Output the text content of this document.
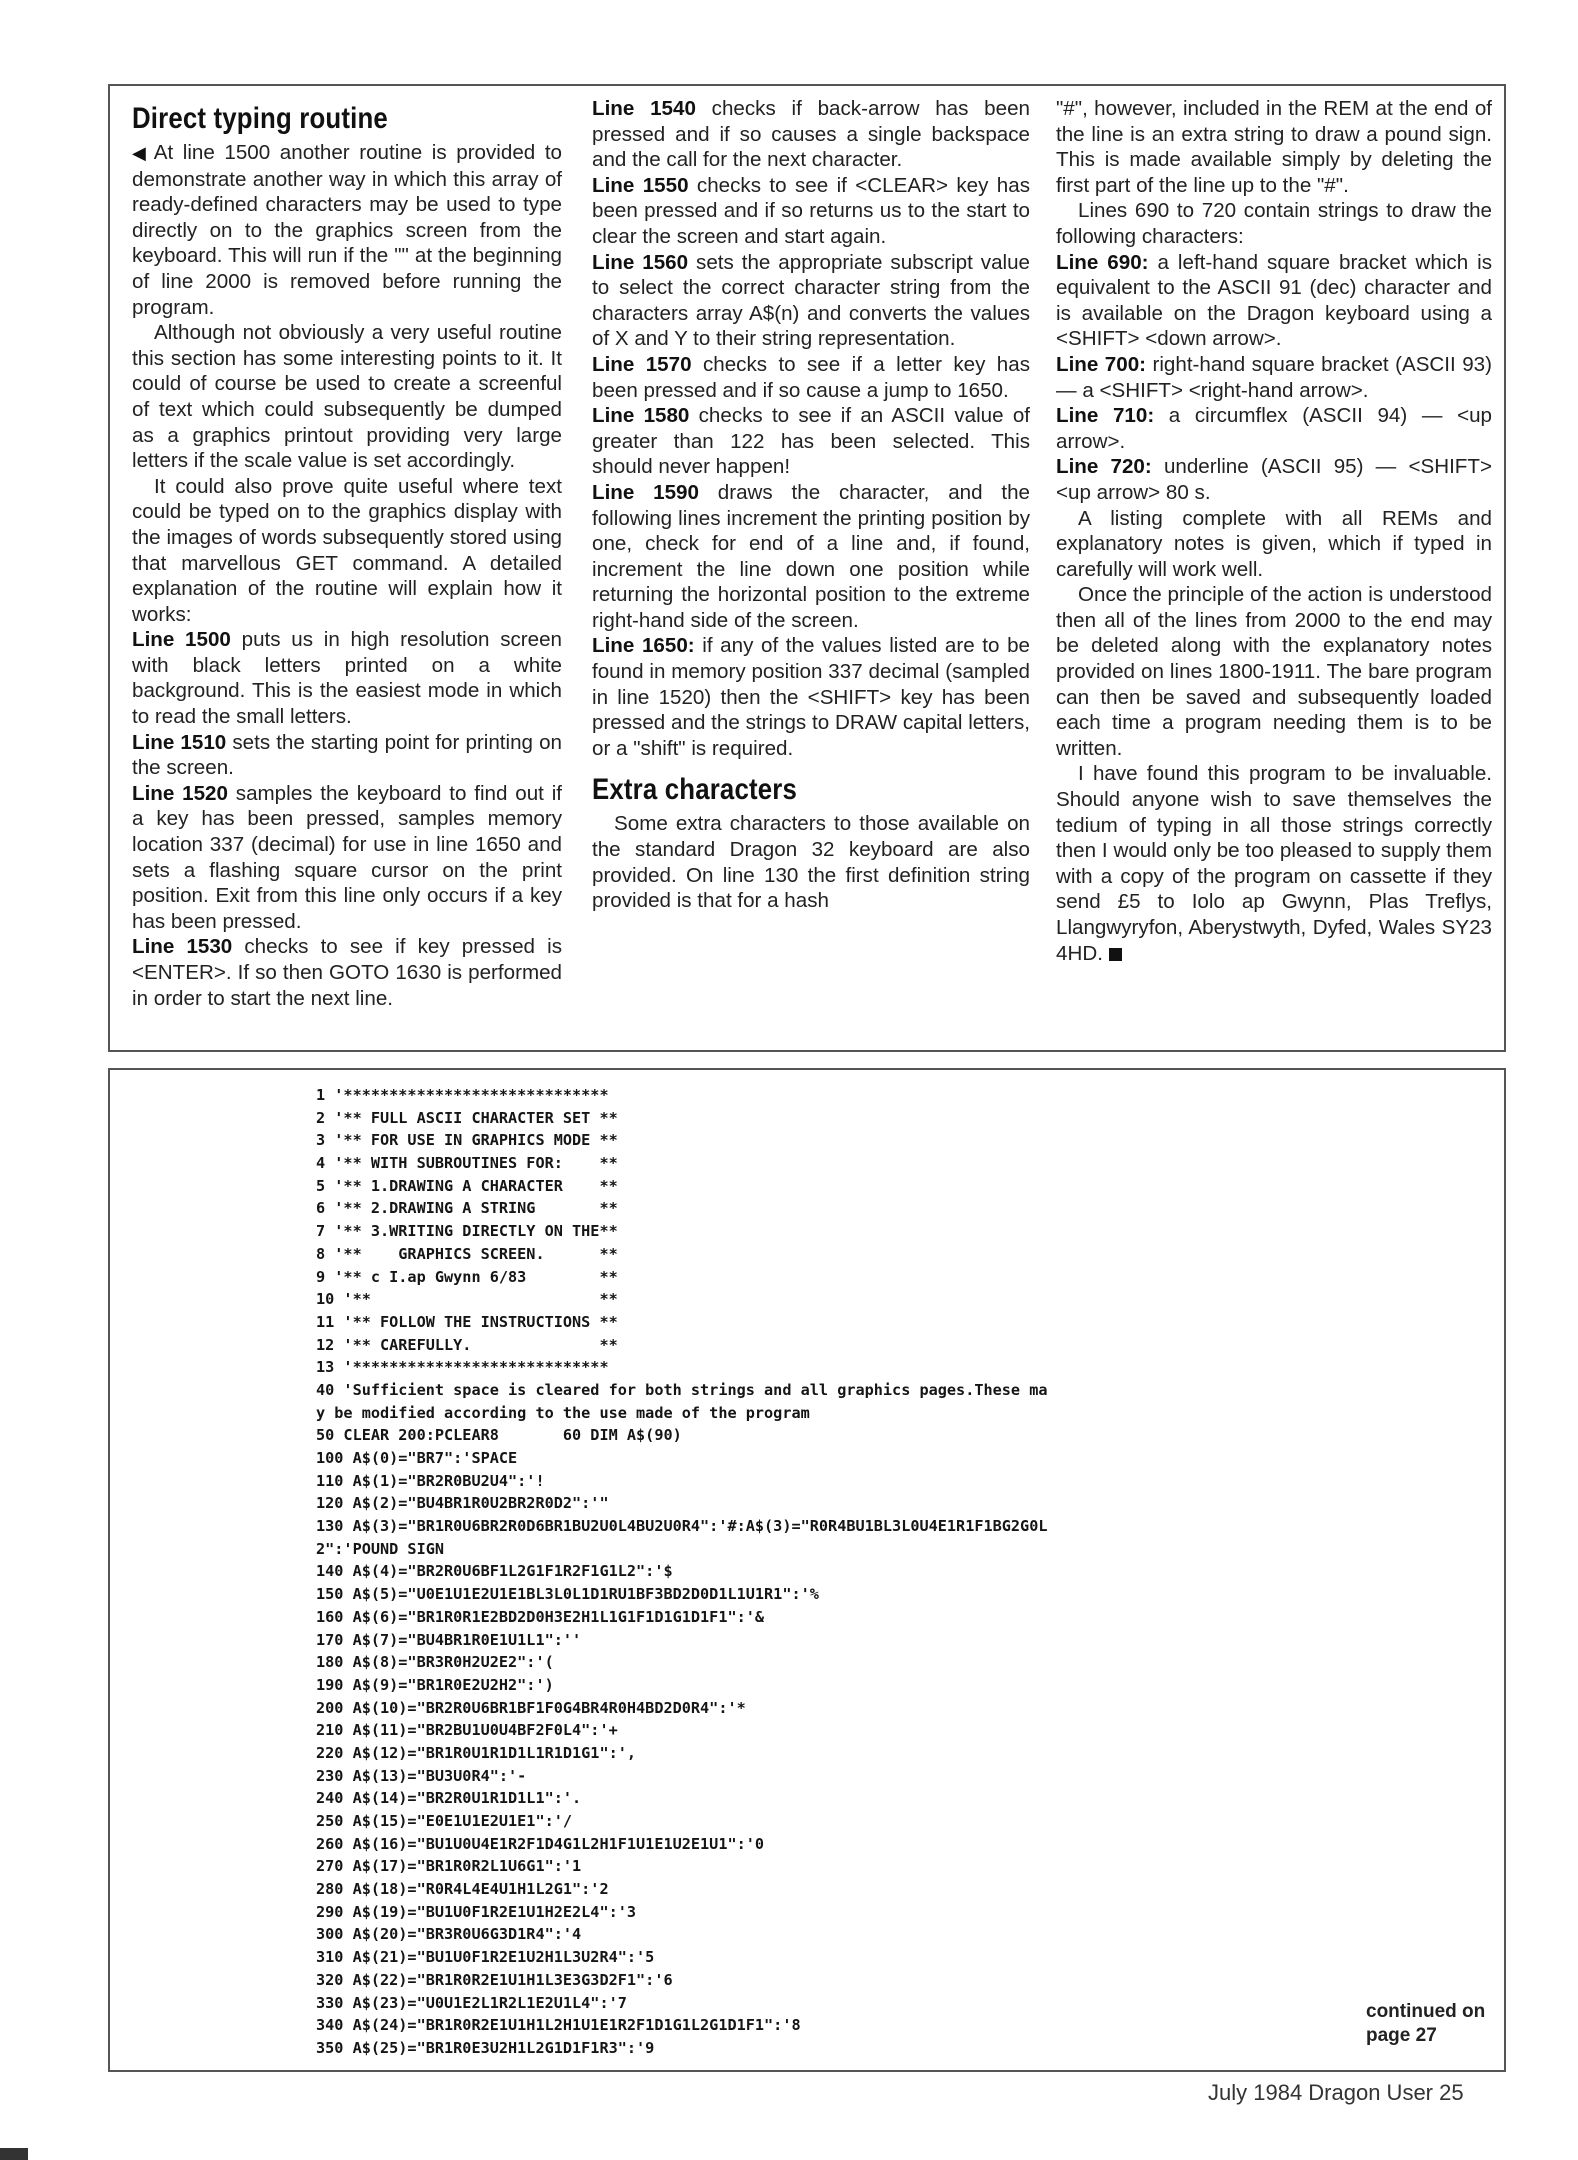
Direct typing routine

◀ At line 1500 another routine is provided to demonstrate another way in which this array of ready-defined characters may be used to type directly on to the graphics screen from the keyboard. This will run if the "" at the beginning of line 2000 is removed before running the program.

Although not obviously a very useful routine this section has some interesting points to it. It could of course be used to create a screenful of text which could subsequently be dumped as a graphics printout providing very large letters if the scale value is set accordingly.

It could also prove quite useful where text could be typed on to the graphics display with the images of words subsequently stored using that marvellous GET command. A detailed explanation of the routine will explain how it works:

Line 1500 puts us in high resolution screen with black letters printed on a white background. This is the easiest mode in which to read the small letters.

Line 1510 sets the starting point for printing on the screen.

Line 1520 samples the keyboard to find out if a key has been pressed, samples memory location 337 (decimal) for use in line 1650 and sets a flashing square cursor on the print position. Exit from this line only occurs if a key has been pressed.

Line 1530 checks to see if key pressed is <ENTER>. If so then GOTO 1630 is performed in order to start the next line.

Line 1540 checks if back-arrow has been pressed and if so causes a single backspace and the call for the next character.

Line 1550 checks to see if <CLEAR> key has been pressed and if so returns us to the start to clear the screen and start again.

Line 1560 sets the appropriate subscript value to select the correct character string from the characters array A$(n) and converts the values of X and Y to their string representation.

Line 1570 checks to see if a letter key has been pressed and if so cause a jump to 1650.

Line 1580 checks to see if an ASCII value of greater than 122 has been selected. This should never happen!

Line 1590 draws the character, and the following lines increment the printing position by one, check for end of a line and, if found, increment the line down one position while returning the horizontal position to the extreme right-hand side of the screen.

Line 1650: if any of the values listed are to be found in memory position 337 decimal (sampled in line 1520) then the <SHIFT> key has been pressed and the strings to DRAW capital letters, or a "shift" is required.

Extra characters

Some extra characters to those available on the standard Dragon 32 keyboard are also provided. On line 130 the first definition string provided is that for a hash

"#", however, included in the REM at the end of the line is an extra string to draw a pound sign. This is made available simply by deleting the first part of the line up to the "#".

Lines 690 to 720 contain strings to draw the following characters:

Line 690: a left-hand square bracket which is equivalent to the ASCII 91 (dec) character and is available on the Dragon keyboard using a <SHIFT> <down arrow>.

Line 700: right-hand square bracket (ASCII 93) — a <SHIFT> <right-hand arrow>.

Line 710: a circumflex (ASCII 94) — <up arrow>.

Line 720: underline (ASCII 95) — <SHIFT> <up arrow> 80 s.

A listing complete with all REMs and explanatory notes is given, which if typed in carefully will work well.

Once the principle of the action is understood then all of the lines from 2000 to the end may be deleted along with the explanatory notes provided on lines 1800-1911. The bare program can then be saved and subsequently loaded each time a program needing them is to be written.

I have found this program to be invaluable. Should anyone wish to save themselves the tedium of typing in all those strings correctly then I would only be too pleased to supply them with a copy of the program on cassette if they send £5 to Iolo ap Gwynn, Plas Treflys, Llangwyryfon, Aberystwyth, Dyfed, Wales SY23 4HD.

1 '*****************************
2 '** FULL ASCII CHARACTER SET **
3 '** FOR USE IN GRAPHICS MODE **
4 '** WITH SUBROUTINES FOR:    **
5 '** 1.DRAWING A CHARACTER    **
6 '** 2.DRAWING A STRING       **
7 '** 3.WRITING DIRECTLY ON THE**
8 '**    GRAPHICS SCREEN.      **
9 '** c I.ap Gwynn 6/83        **
10 '**                         **
11 '** FOLLOW THE INSTRUCTIONS **
12 '** CAREFULLY.              **
13 '****************************
40 'Sufficient space is cleared for both strings and all graphics pages.These ma
y be modified according to the use made of the program
50 CLEAR 200:PCLEAR8       60 DIM A$(90)
100 A$(0)="BR7":'SPACE
110 A$(1)="BR2R0BU2U4":'!
120 A$(2)="BU4BR1R0U2BR2R0D2":'"
130 A$(3)="BR1R0U6BR2R0D6BR1BU2U0L4BU2U0R4":'#:A$(3)="R0R4BU1BL3L0U4E1R1F1BG2G0L
2":'POUND SIGN
140 A$(4)="BR2R0U6BF1L2G1F1R2F1G1L2":'$
150 A$(5)="U0E1U1E2U1E1BL3L0L1D1RU1BF3BD2D0D1L1U1R1":'%
160 A$(6)="BR1R0R1E2BD2D0H3E2H1L1G1F1D1G1D1F1":'&
170 A$(7)="BU4BR1R0E1U1L1":''
180 A$(8)="BR3R0H2U2E2":'(
190 A$(9)="BR1R0E2U2H2":')
200 A$(10)="BR2R0U6BR1BF1F0G4BR4R0H4BD2D0R4":'*
210 A$(11)="BR2BU1U0U4BF2F0L4":'+
220 A$(12)="BR1R0U1R1D1L1R1D1G1":',
230 A$(13)="BU3U0R4":'-
240 A$(14)="BR2R0U1R1D1L1":'.
250 A$(15)="E0E1U1E2U1E1":'/
260 A$(16)="BU1U0U4E1R2F1D4G1L2H1F1U1E1U2E1U1":'0
270 A$(17)="BR1R0R2L1U6G1":'1
280 A$(18)="R0R4L4E4U1H1L2G1":'2
290 A$(19)="BU1U0F1R2E1U1H2E2L4":'3
300 A$(20)="BR3R0U6G3D1R4":'4
310 A$(21)="BU1U0F1R2E1U2H1L3U2R4":'5
320 A$(22)="BR1R0R2E1U1H1L3E3G3D2F1":'6
330 A$(23)="U0U1E2L1R2L1E2U1L4":'7
340 A$(24)="BR1R0R2E1U1H1L2H1U1E1R2F1D1G1L2G1D1F1":'8
350 A$(25)="BR1R0E3U2H1L2G1D1F1R3":'9

continued on page 27

July 1984 Dragon User 25
